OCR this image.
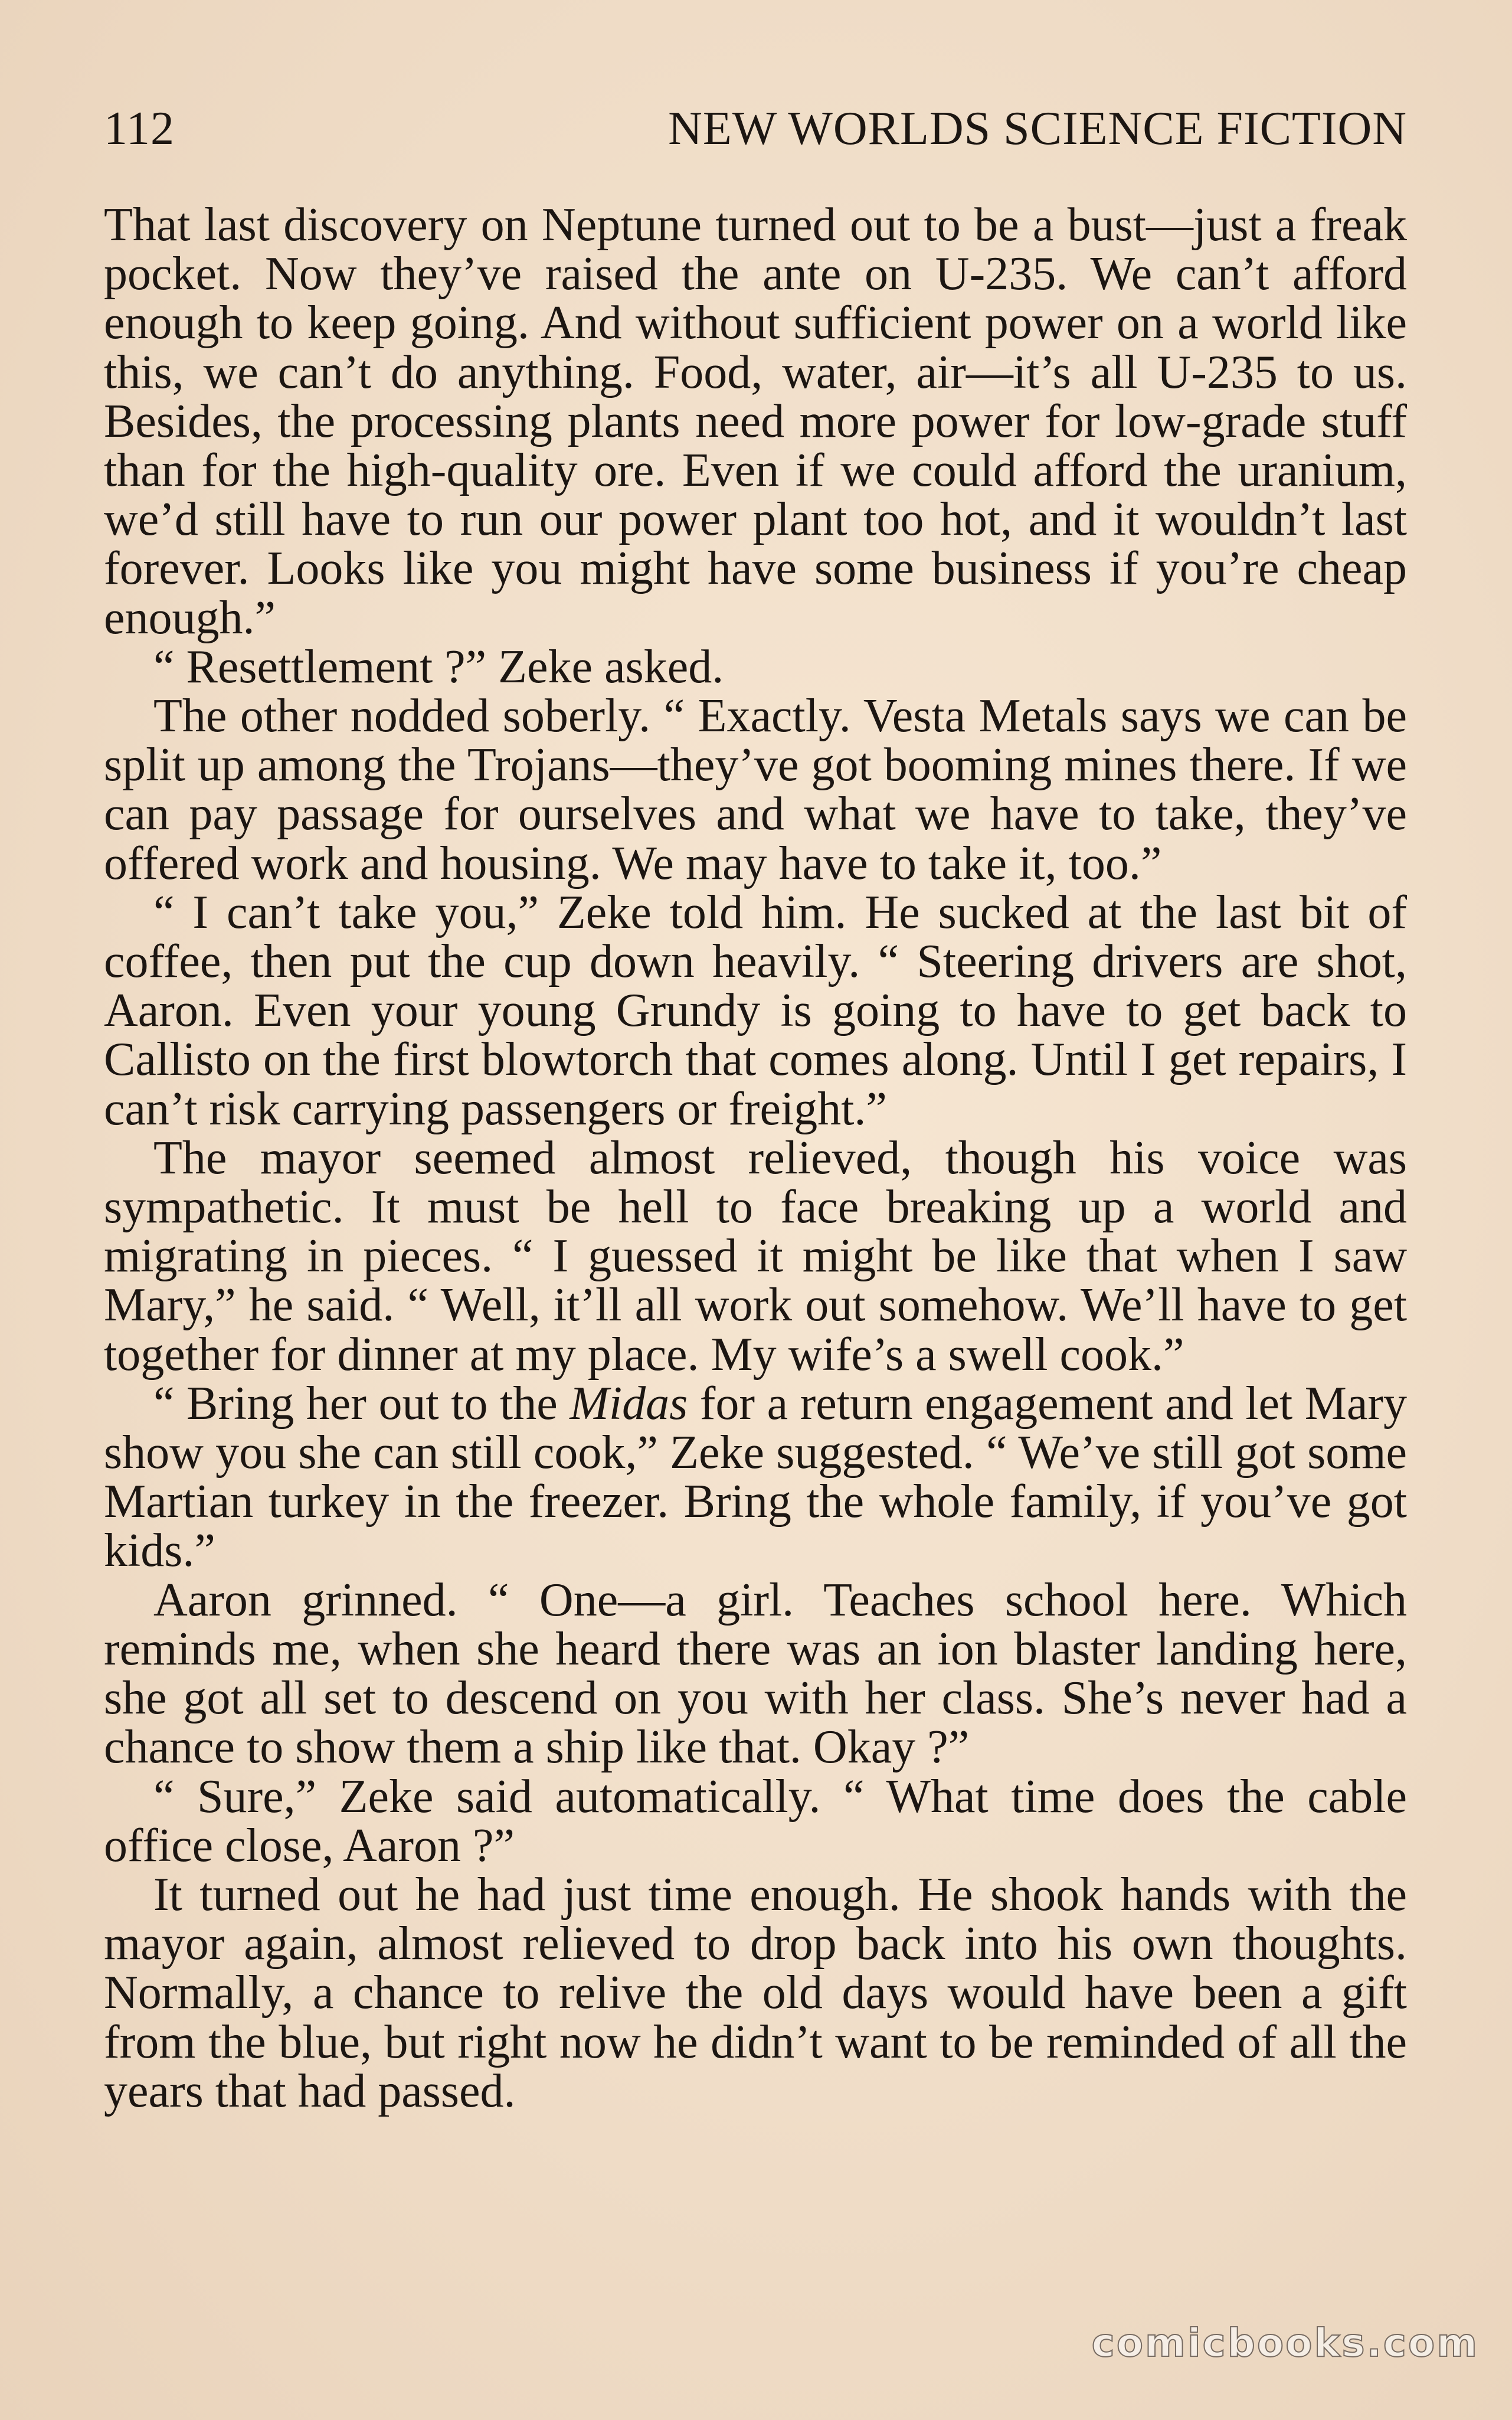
112	NEW WORLDS SCIENCE FICTION

That last discovery on Neptune turned out to be a bust—just a freak pocket. Now they’ve raised the ante on U-235. We can’t afford enough to keep going. And without sufficient power on a world like this, we can’t do anything. Food, water, air—it’s all U-235 to us. Besides, the processing plants need more power for low-grade stuff than for the high-quality ore. Even if we could afford the uranium, we’d still have to run our power plant too hot, and it wouldn’t last forever. Looks like you might have some business if you’re cheap enough.”

“ Resettlement ?” Zeke asked.

The other nodded soberly. “ Exactly. Vesta Metals says we can be split up among the Trojans—they’ve got booming mines there. If we can pay passage for ourselves and what we have to take, they’ve offered work and housing. We may have to take it, too.”

“ I can’t take you,” Zeke told him. He sucked at the last bit of coffee, then put the cup down heavily. “ Steering drivers are shot, Aaron. Even your young Grundy is going to have to get back to Callisto on the first blowtorch that comes along. Until I get repairs, I can’t risk carrying passengers or freight.”

The mayor seemed almost relieved, though his voice was sympathetic. It must be hell to face breaking up a world and migrating in pieces. “ I guessed it might be like that when I saw Mary,” he said. “ Well, it’ll all work out somehow. We’ll have to get together for dinner at my place. My wife’s a swell cook.”

“ Bring her out to the Midas for a return engagement and let Mary show you she can still cook,” Zeke suggested. “ We’ve still got some Martian turkey in the freezer. Bring the whole family, if you’ve got kids.”

Aaron grinned. “ One—a girl. Teaches school here. Which reminds me, when she heard there was an ion blaster landing here, she got all set to descend on you with her class. She’s never had a chance to show them a ship like that. Okay ?”

“ Sure,” Zeke said automatically. “ What time does the cable office close, Aaron ?”

It turned out he had just time enough. He shook hands with the mayor again, almost relieved to drop back into his own thoughts. Normally, a chance to relive the old days would have been a gift from the blue, but right now he didn’t want to be reminded of all the years that had passed.

comicbooks.com
